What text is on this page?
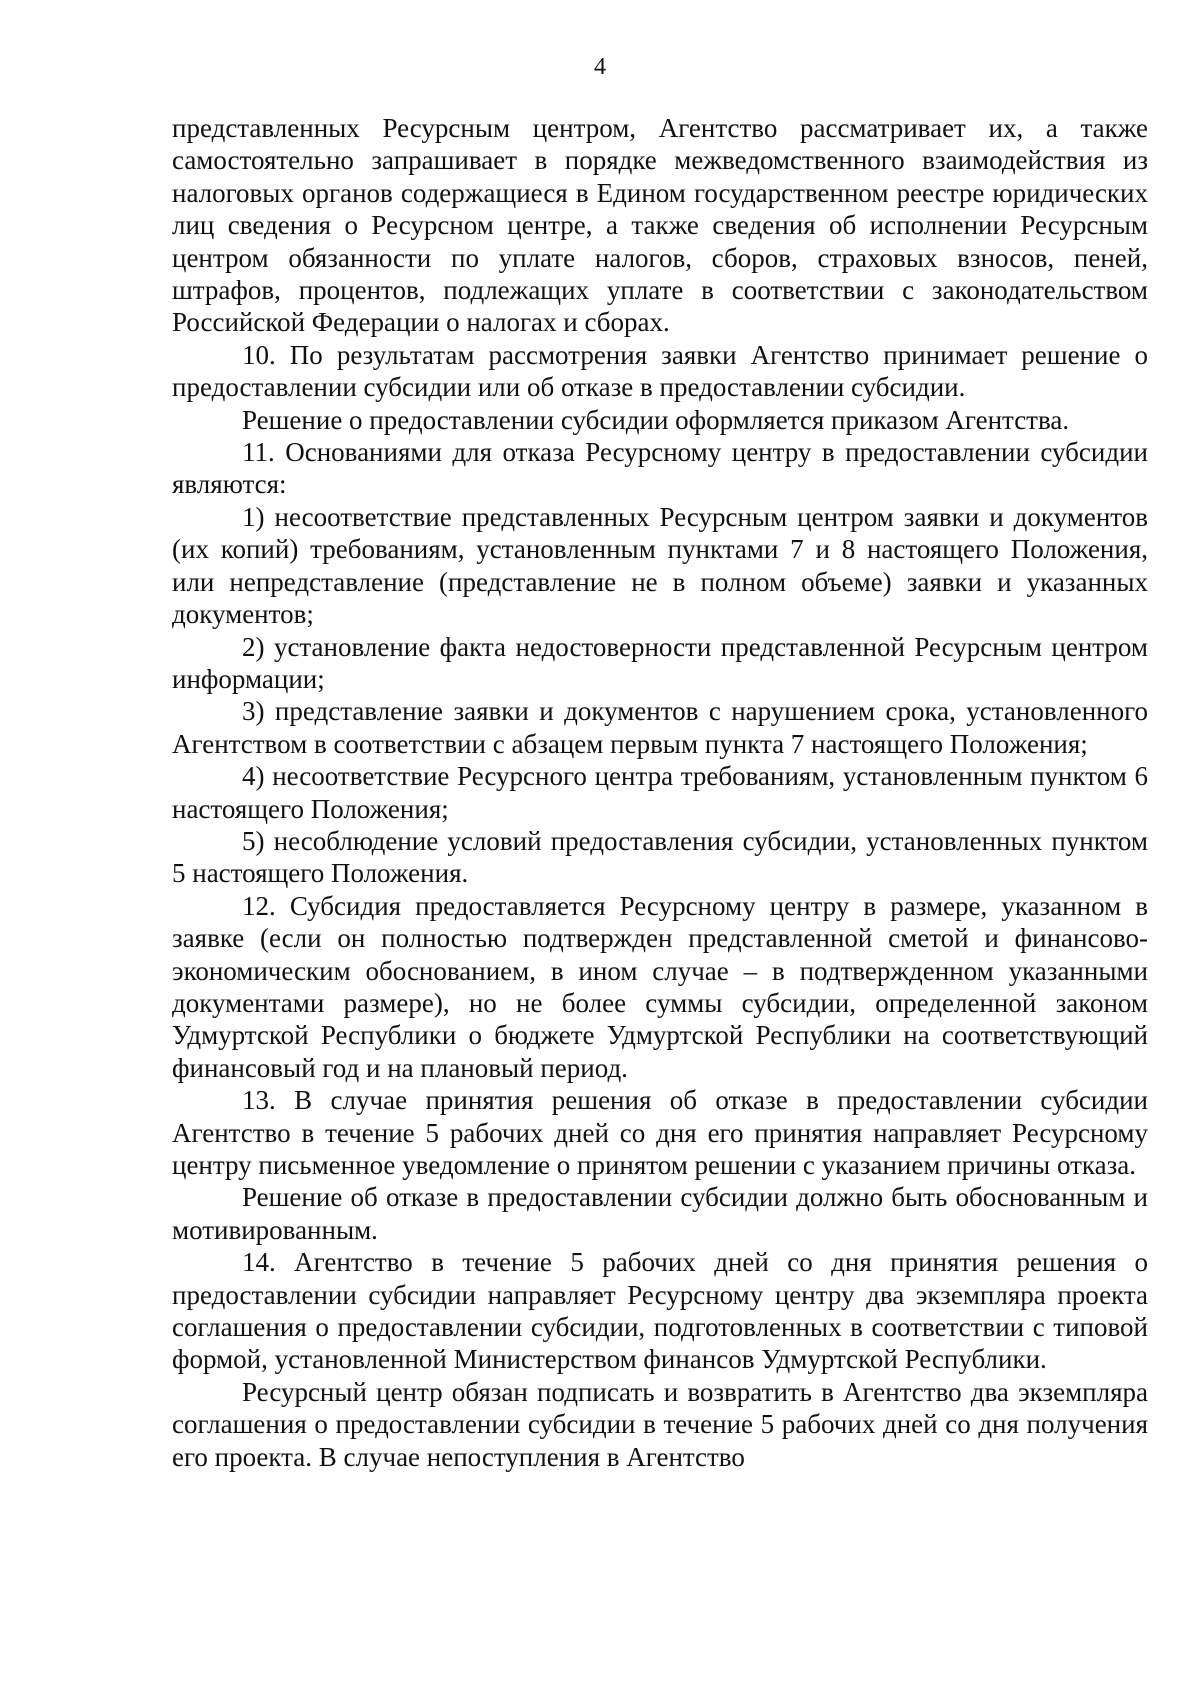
4

представленных Ресурсным центром, Агентство рассматривает их, а также самостоятельно запрашивает в порядке межведомственного взаимодействия из налоговых органов содержащиеся в Едином государственном реестре юридических лиц сведения о Ресурсном центре, а также сведения об исполнении Ресурсным центром обязанности по уплате налогов, сборов, страховых взносов, пеней, штрафов, процентов, подлежащих уплате в соответствии с законодательством Российской Федерации о налогах и сборах.

10. По результатам рассмотрения заявки Агентство принимает решение о предоставлении субсидии или об отказе в предоставлении субсидии.

Решение о предоставлении субсидии оформляется приказом Агентства.

11. Основаниями для отказа Ресурсному центру в предоставлении субсидии являются:

1) несоответствие представленных Ресурсным центром заявки и документов (их копий) требованиям, установленным пунктами 7 и 8 настоящего Положения, или непредставление (представление не в полном объеме) заявки и указанных документов;

2) установление факта недостоверности представленной Ресурсным центром информации;

3) представление заявки и документов с нарушением срока, установленного Агентством в соответствии с абзацем первым пункта 7 настоящего Положения;

4) несоответствие Ресурсного центра требованиям, установленным пунктом 6 настоящего Положения;

5) несоблюдение условий предоставления субсидии, установленных пунктом 5 настоящего Положения.

12. Субсидия предоставляется Ресурсному центру в размере, указанном в заявке (если он полностью подтвержден представленной сметой и финансово-экономическим обоснованием, в ином случае – в подтвержденном указанными документами размере), но не более суммы субсидии, определенной законом Удмуртской Республики о бюджете Удмуртской Республики на соответствующий финансовый год и на плановый период.

13. В случае принятия решения об отказе в предоставлении субсидии Агентство в течение 5 рабочих дней со дня его принятия направляет Ресурсному центру письменное уведомление о принятом решении с указанием причины отказа.

Решение об отказе в предоставлении субсидии должно быть обоснованным и мотивированным.

14. Агентство в течение 5 рабочих дней со дня принятия решения о предоставлении субсидии направляет Ресурсному центру два экземпляра проекта соглашения о предоставлении субсидии, подготовленных в соответствии с типовой формой, установленной Министерством финансов Удмуртской Республики.

Ресурсный центр обязан подписать и возвратить в Агентство два экземпляра соглашения о предоставлении субсидии в течение 5 рабочих дней со дня получения его проекта. В случае непоступления в Агентство
